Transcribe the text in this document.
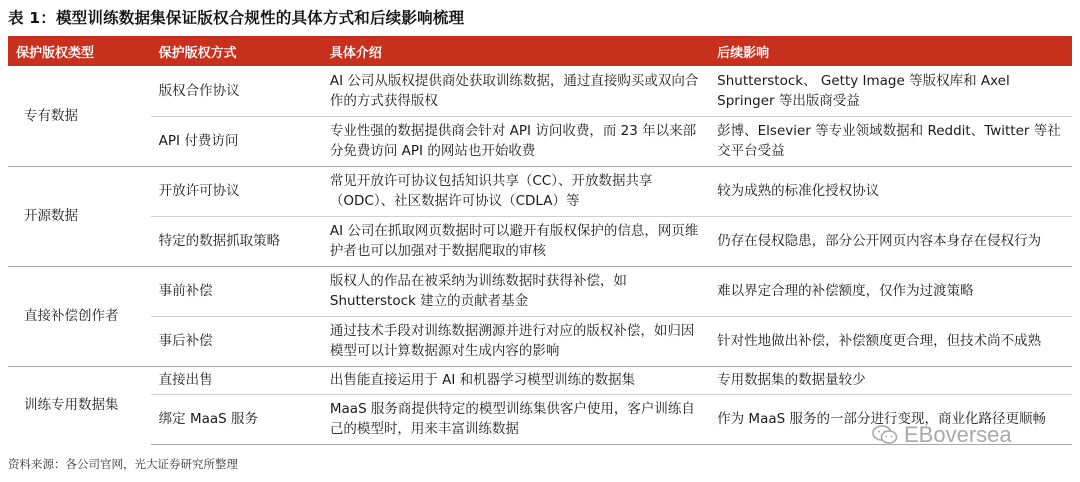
表 1：模型训练数据集保证版权合规性的具体方式和后续影响梳理
保护版权类型	保护版权方式	具体介绍	后续影响
专有数据	版权合作协议	AI 公司从版权提供商处获取训练数据，通过直接购买或双向合作的方式获得版权	Shutterstock、 Getty Image 等版权库和 Axel Springer 等出版商受益
	API 付费访问	专业性强的数据提供商会针对 API 访问收费，而 23 年以来部分免费访问 API 的网站也开始收费	彭博、Elsevier 等专业领域数据和 Reddit、Twitter 等社交平台受益
开源数据	开放许可协议	常见开放许可协议包括知识共享（CC）、开放数据共享（ODC）、社区数据许可协议（CDLA）等	较为成熟的标准化授权协议
	特定的数据抓取策略	AI 公司在抓取网页数据时可以避开有版权保护的信息，网页维护者也可以加强对于数据爬取的审核	仍存在侵权隐患，部分公开网页内容本身存在侵权行为
直接补偿创作者	事前补偿	版权人的作品在被采纳为训练数据时获得补偿，如 Shutterstock 建立的贡献者基金	难以界定合理的补偿额度，仅作为过渡策略
	事后补偿	通过技术手段对训练数据溯源并进行对应的版权补偿，如归因模型可以计算数据源对生成内容的影响	针对性地做出补偿，补偿额度更合理，但技术尚不成熟
训练专用数据集	直接出售	出售能直接运用于 AI 和机器学习模型训练的数据集	专用数据集的数据量较少
	绑定 MaaS 服务	MaaS 服务商提供特定的模型训练集供客户使用，客户训练自己的模型时，用来丰富训练数据	作为 MaaS 服务的一部分进行变现，商业化路径更顺畅
资料来源：各公司官网，光大证券研究所整理
EBoversea
